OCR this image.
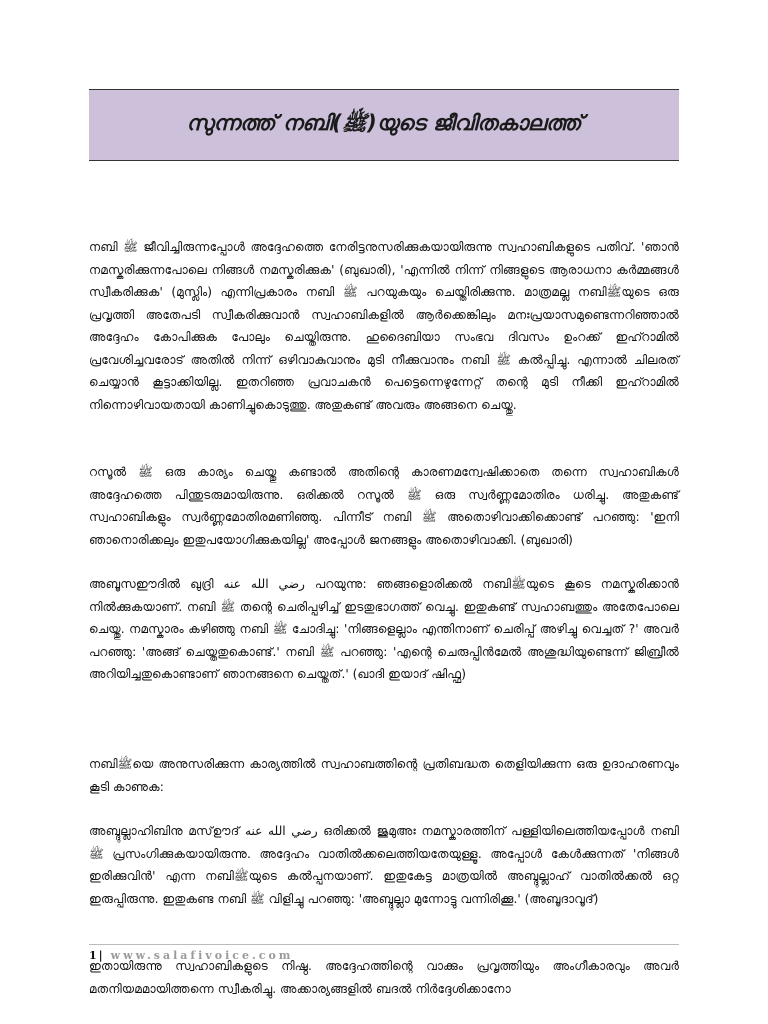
സുന്നത്ത് നബി(ﷺ)യുടെ ജീവിതകാലത്ത്

നബി ﷺ ജീവിച്ചിരുന്നപ്പോൾ അദ്ദേഹത്തെ നേരിട്ടനുസരിക്കുകയായിരുന്നു സ്വഹാബികളുടെ പതിവ്. 'ഞാൻ നമസ്കരിക്കുന്നപോലെ നിങ്ങൾ നമസ്കരിക്കുക' (ബുഖാരി), 'എന്നിൽ നിന്ന് നിങ്ങളുടെ ആരാധനാ കർമ്മങ്ങൾ സ്വീകരിക്കുക' (മുസ്ലിം) എന്നിപ്രകാരം നബി ﷺ പറയുകയും ചെയ്തിരിക്കുന്നു. മാത്രമല്ല നബിﷺയുടെ ഒരു പ്രവൃത്തി അതേപടി സ്വീകരിക്കുവാൻ സ്വഹാബികളിൽ ആർക്കെങ്കിലും മനഃപ്രയാസമുണ്ടെന്നറിഞ്ഞാൽ അദ്ദേഹം കോപിക്കുക പോലും ചെയ്തിരുന്നു. ഹുദൈബിയാ സംഭവ ദിവസം ഉംറക്ക് ഇഹ്റാമിൽ പ്രവേശിച്ചവരോട് അതിൽ നിന്ന് ഒഴിവാകുവാനും മുടി നീക്കുവാനും നബി ﷺ കൽപ്പിച്ചു. എന്നാൽ ചിലരത് ചെയ്യാൻ കൂട്ടാക്കിയില്ല. ഇതറിഞ്ഞ പ്രവാചകൻ പെട്ടെന്നെഴുന്നേറ്റ് തന്റെ മുടി നീക്കി ഇഹ്റാമിൽ നിന്നൊഴിവായതായി കാണിച്ചുകൊടുത്തു. അതുകണ്ട് അവരും അങ്ങനെ ചെയ്തു.

റസൂൽ ﷺ ഒരു കാര്യം ചെയ്തു കണ്ടാൽ അതിന്റെ കാരണമന്വേഷിക്കാതെ തന്നെ സ്വഹാബികൾ അദ്ദേഹത്തെ പിന്തുടരുമായിരുന്നു. ഒരിക്കൽ റസൂൽ ﷺ ഒരു സ്വർണ്ണമോതിരം ധരിച്ചു. അതുകണ്ട് സ്വഹാബികളും സ്വർണ്ണമോതിരമണിഞ്ഞു. പിന്നീട് നബി ﷺ അതൊഴിവാക്കിക്കൊണ്ട് പറഞ്ഞു: 'ഇനി ഞാനൊരിക്കലും ഇതുപയോഗിക്കുകയില്ല' അപ്പോൾ ജനങ്ങളും അതൊഴിവാക്കി. (ബുഖാരി)

അബൂസഈദിൽ ഖുദ്രി رضي الله عنه പറയുന്നു: ഞങ്ങളൊരിക്കൽ നബിﷺയുടെ കൂടെ നമസ്കരിക്കാൻ നിൽക്കുകയാണ്. നബി ﷺ തന്റെ ചെരിപ്പഴിച്ച് ഇടതുഭാഗത്ത് വെച്ചു. ഇതുകണ്ട് സ്വഹാബത്തും അതേപോലെ ചെയ്തു. നമസ്കാരം കഴിഞ്ഞു നബി ﷺ ചോദിച്ചു: 'നിങ്ങളെല്ലാം എന്തിനാണ് ചെരിപ്പ് അഴിച്ചു വെച്ചത് ?' അവർ പറഞ്ഞു: 'അങ്ങ് ചെയ്തതുകൊണ്ട്.' നബി ﷺ പറഞ്ഞു: 'എന്റെ ചെരുപ്പിൻമേൽ അശുദ്ധിയുണ്ടെന്ന് ജിബ്രീൽ അറിയിച്ചതുകൊണ്ടാണ് ഞാനങ്ങനെ ചെയ്തത്.' (ഖാദി ഇയാദ് ഷിഫ്ഫ)

നബിﷺയെ അനുസരിക്കുന്ന കാര്യത്തിൽ സ്വഹാബത്തിന്റെ പ്രതിബദ്ധത തെളിയിക്കുന്ന ഒരു ഉദാഹരണവും കൂടി കാണുക:

അബ്ദുല്ലാഹിബിനു മസ്ഊദ് رضي الله عنه ഒരിക്കൽ ജുമുഅഃ നമസ്കാരത്തിന് പള്ളിയിലെത്തിയപ്പോൾ നബി ﷺ പ്രസംഗിക്കുകയായിരുന്നു. അദ്ദേഹം വാതിൽക്കലെത്തിയതേയുള്ളൂ. അപ്പോൾ കേൾക്കുന്നത് 'നിങ്ങൾ ഇരിക്കുവിൻ' എന്ന നബിﷺയുടെ കൽപ്പനയാണ്. ഇതുകേട്ട മാത്രയിൽ അബ്ദുല്ലാഹ് വാതിൽക്കൽ ഒറ്റ ഇരുപ്പിരുന്നു. ഇതുകണ്ട നബി ﷺ വിളിച്ചു പറഞ്ഞു: 'അബ്ദുല്ലാ മുന്നോട്ടു വന്നിരിക്കൂ.' (അബൂദാവൂദ്)

ഇതായിരുന്നു സ്വഹാബികളുടെ നിഷ്ഠ. അദ്ദേഹത്തിന്റെ വാക്കും പ്രവൃത്തിയും അംഗീകാരവും അവർ മതനിയമമായിത്തന്നെ സ്വീകരിച്ചു. അക്കാര്യങ്ങളിൽ ബദൽ നിർദ്ദേശിക്കാനോ

1 | www.salafivoice.com
